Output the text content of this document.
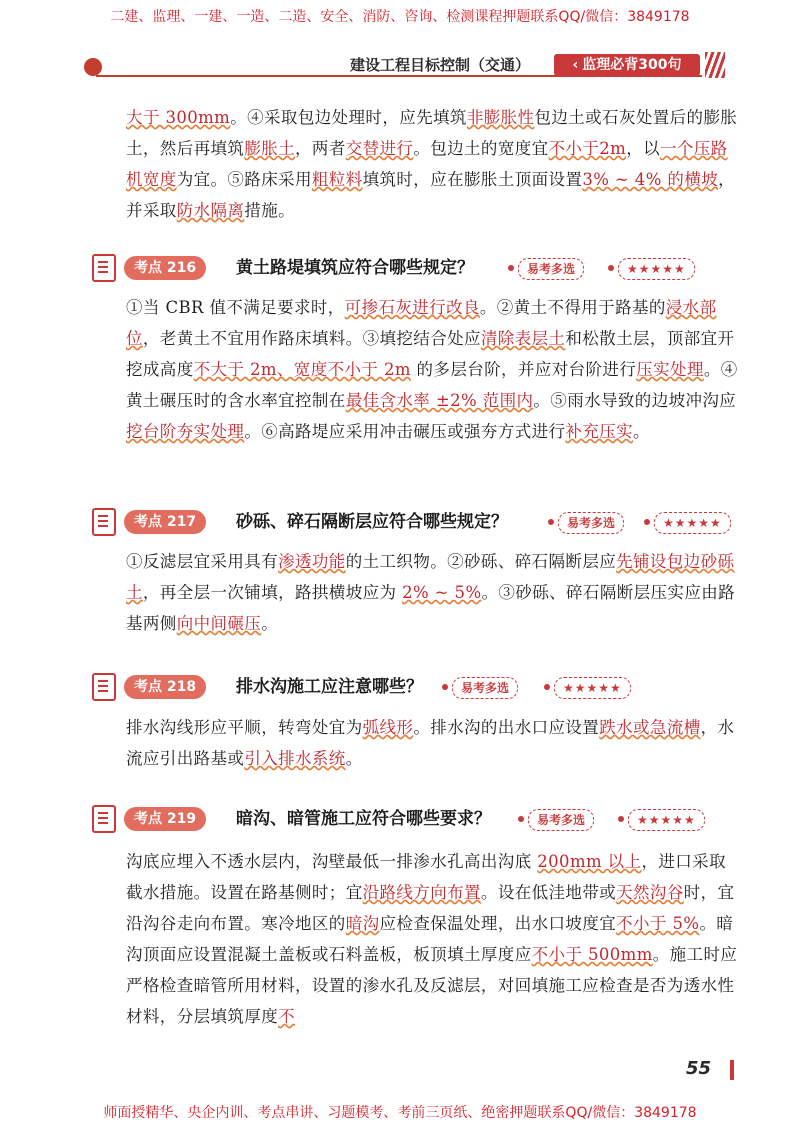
二建、监理、一建、一造、二造、安全、消防、咨询、检测课程押题联系QQ/微信：3849178
建设工程目标控制（交通）
‹	监理必背300句
大于 300mm。④采取包边处理时，应先填筑非膨胀性包边土或石灰处置后的膨胀土，然后再填筑膨胀土，两者交替进行。包边土的宽度宜不小于2m，以一个压路机宽度为宜。⑤路床采用粗粒料填筑时，应在膨胀土顶面设置3% ~ 4% 的横坡，并采取防水隔离措施。
考点 216	黄土路堤填筑应符合哪些规定？	易考多选	★★★★★
①当 CBR 值不满足要求时，可掺石灰进行改良。②黄土不得用于路基的浸水部位，老黄土不宜用作路床填料。③填挖结合处应清除表层土和松散土层，顶部宜开挖成高度不大于 2m、宽度不小于 2m 的多层台阶，并应对台阶进行压实处理。④黄土碾压时的含水率宜控制在最佳含水率 ±2% 范围内。⑤雨水导致的边坡冲沟应挖台阶夯实处理。⑥高路堤应采用冲击碾压或强夯方式进行补充压实。
考点 217	砂砾、碎石隔断层应符合哪些规定？	易考多选	★★★★★
①反滤层宜采用具有渗透功能的土工织物。②砂砾、碎石隔断层应先铺设包边砂砾土，再全层一次铺填，路拱横坡应为 2% ~ 5%。③砂砾、碎石隔断层压实应由路基两侧向中间碾压。
考点 218	排水沟施工应注意哪些？	易考多选	★★★★★
排水沟线形应平顺，转弯处宜为弧线形。排水沟的出水口应设置跌水或急流槽，水流应引出路基或引入排水系统。
考点 219	暗沟、暗管施工应符合哪些要求？	易考多选	★★★★★
沟底应埋入不透水层内，沟壁最低一排渗水孔高出沟底 200mm 以上，进口采取截水措施。设置在路基侧时；宜沿路线方向布置。设在低洼地带或天然沟谷时，宜沿沟谷走向布置。寒冷地区的暗沟应检查保温处理，出水口坡度宜不小于 5%。暗沟顶面应设置混凝土盖板或石料盖板，板顶填土厚度应不小于 500mm。施工时应严格检查暗管所用材料，设置的渗水孔及反滤层，对回填施工应检查是否为透水性材料，分层填筑厚度不
55
师面授精华、央企内训、考点串讲、习题模考、考前三页纸、绝密押题联系QQ/微信：3849178
